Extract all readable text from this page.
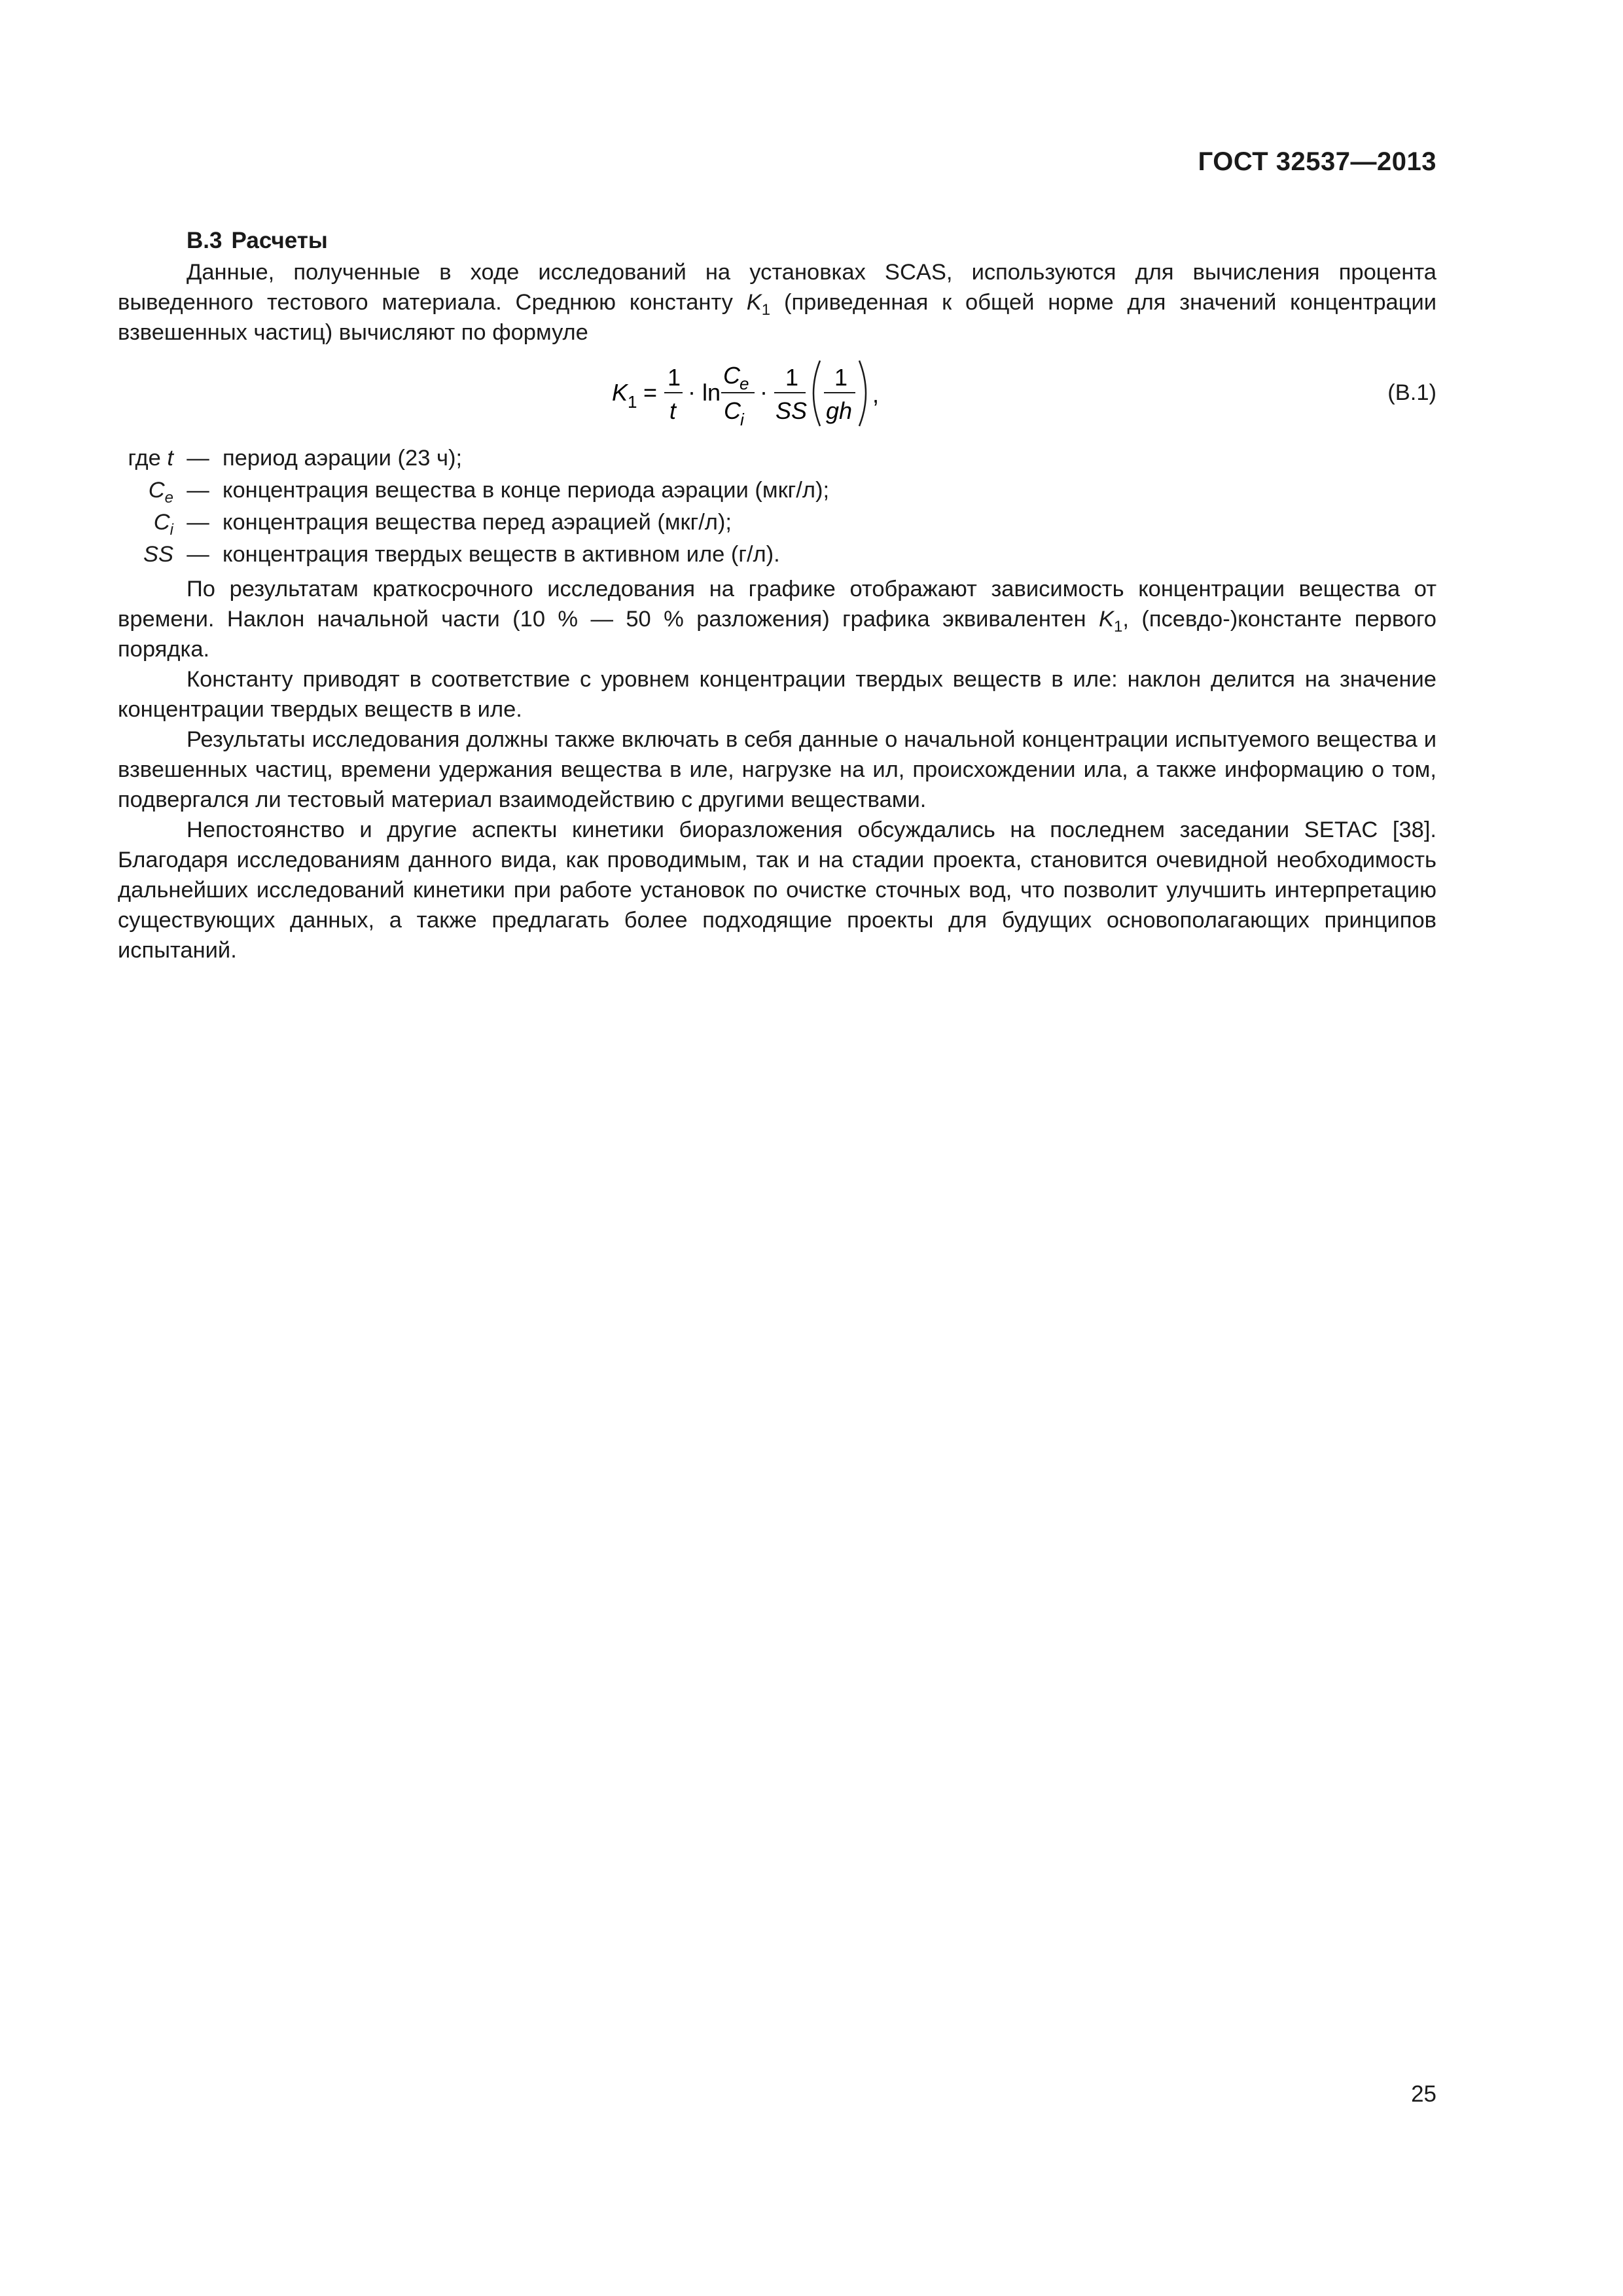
ГОСТ 32537—2013
В.3 Расчеты

Данные, полученные в ходе исследований на установках SCAS, используются для вычисления процента выведенного тестового материала. Среднюю константу $K_1$ (приведенная к общей норме для значений концентрации взвешенных частиц) вычисляют по формуле

K 1 =
1
t
· ln
C e
C i
·
1
SS
1
gh
,	(В.1)
где t — период аэрации (23 ч);
$C_e$ — концентрация вещества в конце периода аэрации (мкг/л);
$C_i$ — концентрация вещества перед аэрацией (мкг/л);
SS — концентрация твердых веществ в активном иле (г/л).

По результатам краткосрочного исследования на графике отображают зависимость концентрации вещества от времени. Наклон начальной части (10 % — 50 % разложения) графика эквивалентен $K_1$, (псевдо-)константе первого порядка.

Константу приводят в соответствие с уровнем концентрации твердых веществ в иле: наклон делится на значение концентрации твердых веществ в иле.

Результаты исследования должны также включать в себя данные о начальной концентрации испытуемого вещества и взвешенных частиц, времени удержания вещества в иле, нагрузке на ил, происхождении ила, а также информацию о том, подвергался ли тестовый материал взаимодействию с другими веществами.

Непостоянство и другие аспекты кинетики биоразложения обсуждались на последнем заседании SETAC [38]. Благодаря исследованиям данного вида, как проводимым, так и на стадии проекта, становится очевидной необходимость дальнейших исследований кинетики при работе установок по очистке сточных вод, что позволит улучшить интерпретацию существующих данных, а также предлагать более подходящие проекты для будущих основополагающих принципов испытаний.

25
